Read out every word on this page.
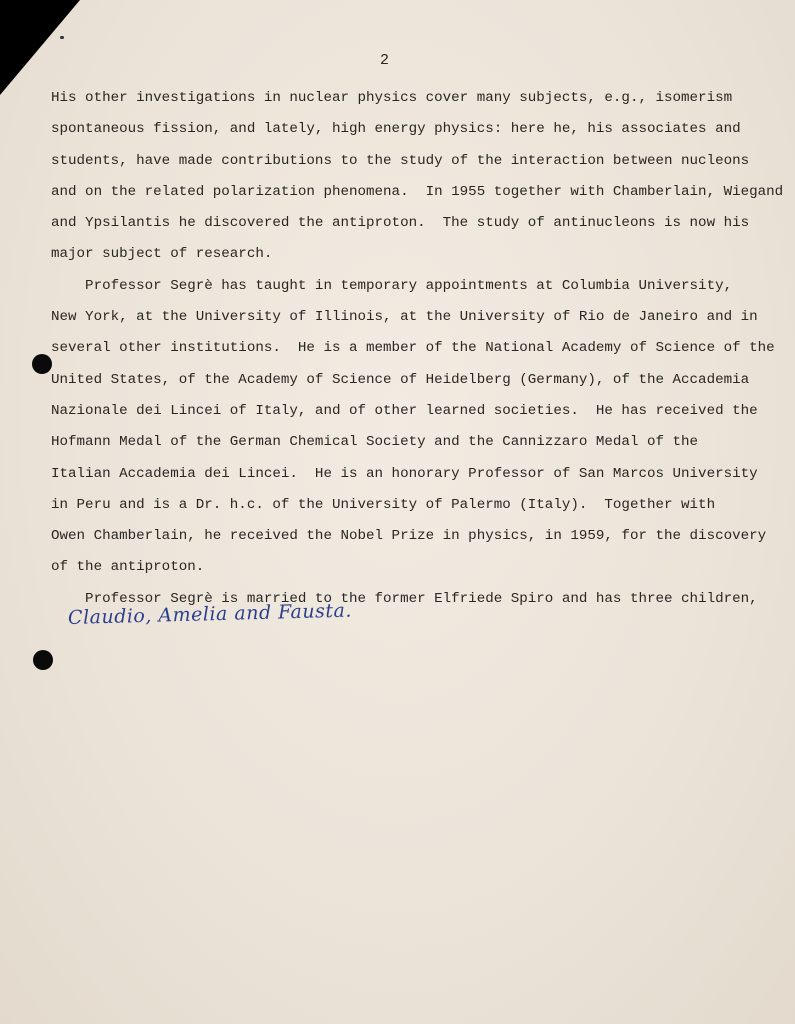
2
His other investigations in nuclear physics cover many subjects, e.g., isomerism
spontaneous fission, and lately, high energy physics: here he, his associates and
students, have made contributions to the study of the interaction between nucleons
and on the related polarization phenomena.  In 1955 together with Chamberlain, Wiegand
and Ypsilantis he discovered the antiproton.  The study of antinucleons is now his
major subject of research.
Professor Segrè has taught in temporary appointments at Columbia University,
New York, at the University of Illinois, at the University of Rio de Janeiro and in
several other institutions.  He is a member of the National Academy of Science of the
United States, of the Academy of Science of Heidelberg (Germany), of the Accademia
Nazionale dei Lincei of Italy, and of other learned societies.  He has received the
Hofmann Medal of the German Chemical Society and the Cannizzaro Medal of the
Italian Accademia dei Lincei.  He is an honorary Professor of San Marcos University
in Peru and is a Dr. h.c. of the University of Palermo (Italy).  Together with
Owen Chamberlain, he received the Nobel Prize in physics, in 1959, for the discovery
of the antiproton.
Professor Segrè is married to the former Elfriede Spiro and has three children,
Claudio, Amelia and Fausta.
